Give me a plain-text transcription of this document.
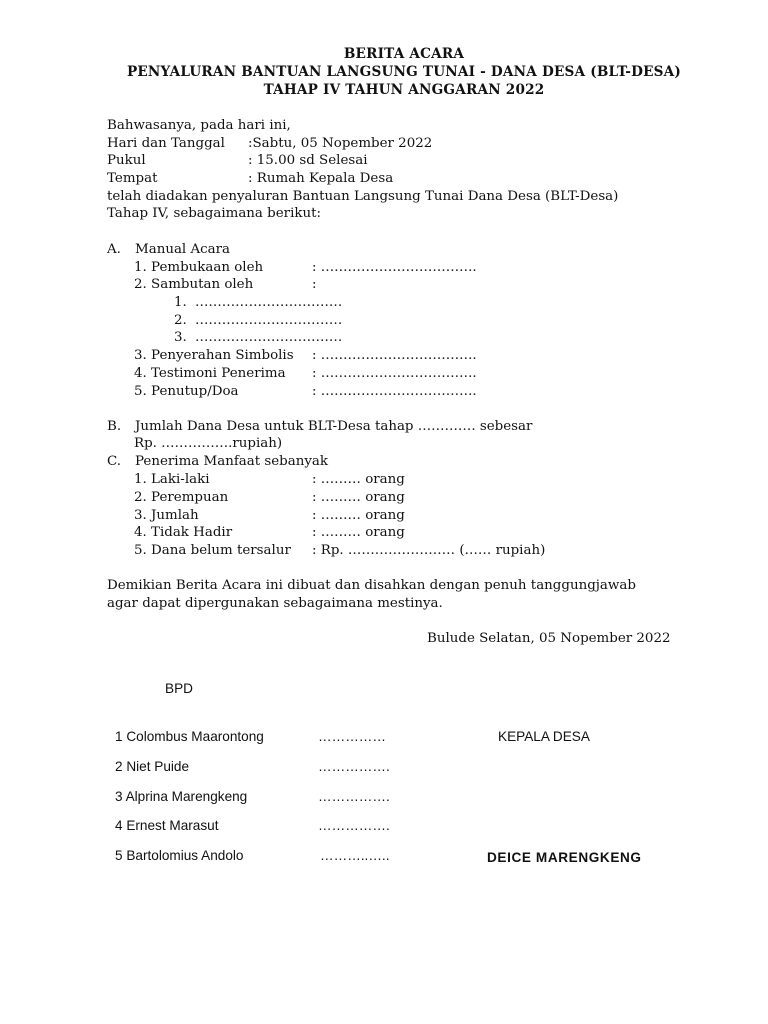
BERITA ACARA
PENYALURAN BANTUAN LANGSUNG TUNAI - DANA DESA (BLT-DESA)
TAHAP IV TAHUN ANGGARAN 2022
Bahwasanya, pada hari ini,
Hari dan Tanggal :Sabtu, 05 Nopember 2022
Pukul	: 15.00 sd Selesai
Tempat	: Rumah Kepala Desa
telah diadakan penyaluran Bantuan Langsung Tunai Dana Desa (BLT-Desa)
Tahap IV, sebagaimana berikut:
A. Manual Acara
1. Pembukaan oleh	: ……………………………..
2. Sambutan oleh	:
1. ……………………………
2. ……………………………
3. ……………………………
3. Penyerahan Simbolis : ……………………………..
4. Testimoni Penerima : ……………………………..
5. Penutup/Doa	: ……………………………..
B. Jumlah Dana Desa untuk BLT-Desa tahap …………. sebesar
Rp. …………….rupiah)
C. Penerima Manfaat sebanyak
1. Laki-laki	: ……… orang
2. Perempuan	: ……… orang
3. Jumlah	: ……… orang
4. Tidak Hadir	: ……… orang
5. Dana belum tersalur : Rp. …………………… (…… rupiah)
Demikian Berita Acara ini dibuat dan disahkan dengan penuh tanggungjawab
agar dapat dipergunakan sebagaimana mestinya.
Bulude Selatan, 05 Nopember 2022
BPD
1 Colombus Maarontong	……………	KEPALA DESA
2 Niet Puide	…………….
3 Alprina Marengkeng	…………….
4 Ernest Marasut	…………….
5 Bartolomius Andolo	………..…..	DEICE MARENGKENG
